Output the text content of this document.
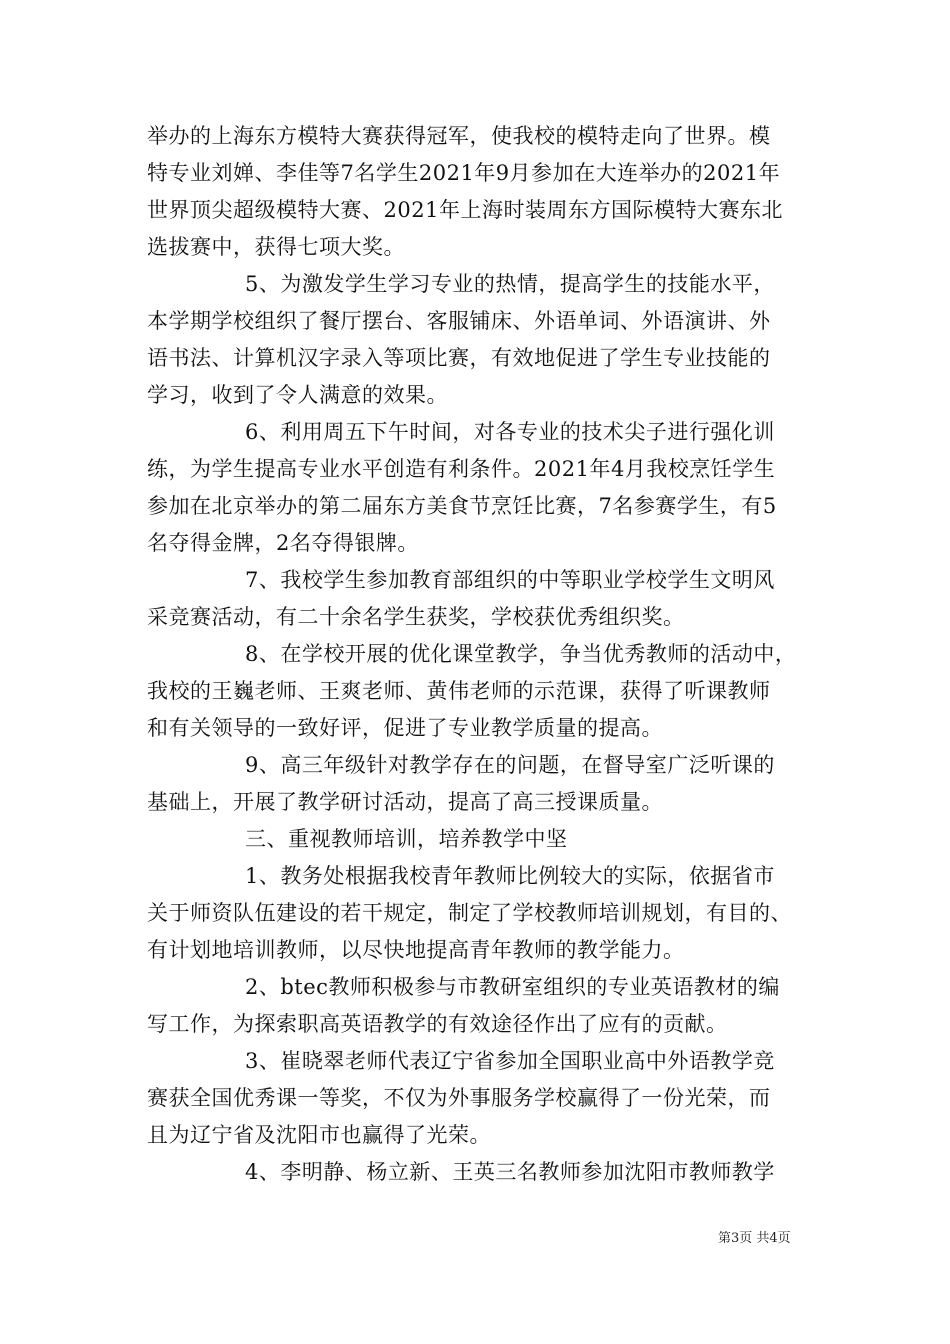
举办的上海东方模特大赛获得冠军，使我校的模特走向了世界。模
特专业刘婵、李佳等7名学生2021年9月参加在大连举办的2021年
世界顶尖超级模特大赛、2021年上海时装周东方国际模特大赛东北
选拔赛中，获得七项大奖。
5、为激发学生学习专业的热情，提高学生的技能水平，
本学期学校组织了餐厅摆台、客服铺床、外语单词、外语演讲、外
语书法、计算机汉字录入等项比赛，有效地促进了学生专业技能的
学习，收到了令人满意的效果。
6、利用周五下午时间，对各专业的技术尖子进行强化训
练，为学生提高专业水平创造有利条件。2021年4月我校烹饪学生
参加在北京举办的第二届东方美食节烹饪比赛，7名参赛学生，有5
名夺得金牌，2名夺得银牌。
7、我校学生参加教育部组织的中等职业学校学生文明风
采竞赛活动，有二十余名学生获奖，学校获优秀组织奖。
8、在学校开展的优化课堂教学，争当优秀教师的活动中，
我校的王巍老师、王爽老师、黄伟老师的示范课，获得了听课教师
和有关领导的一致好评，促进了专业教学质量的提高。
9、高三年级针对教学存在的问题，在督导室广泛听课的
基础上，开展了教学研讨活动，提高了高三授课质量。
三、重视教师培训，培养教学中坚
1、教务处根据我校青年教师比例较大的实际，依据省市
关于师资队伍建设的若干规定，制定了学校教师培训规划，有目的、
有计划地培训教师，以尽快地提高青年教师的教学能力。
2、btec教师积极参与市教研室组织的专业英语教材的编
写工作，为探索职高英语教学的有效途径作出了应有的贡献。
3、崔晓翠老师代表辽宁省参加全国职业高中外语教学竞
赛获全国优秀课一等奖，不仅为外事服务学校赢得了一份光荣，而
且为辽宁省及沈阳市也赢得了光荣。
4、李明静、杨立新、王英三名教师参加沈阳市教师教学
第3页 共4页
